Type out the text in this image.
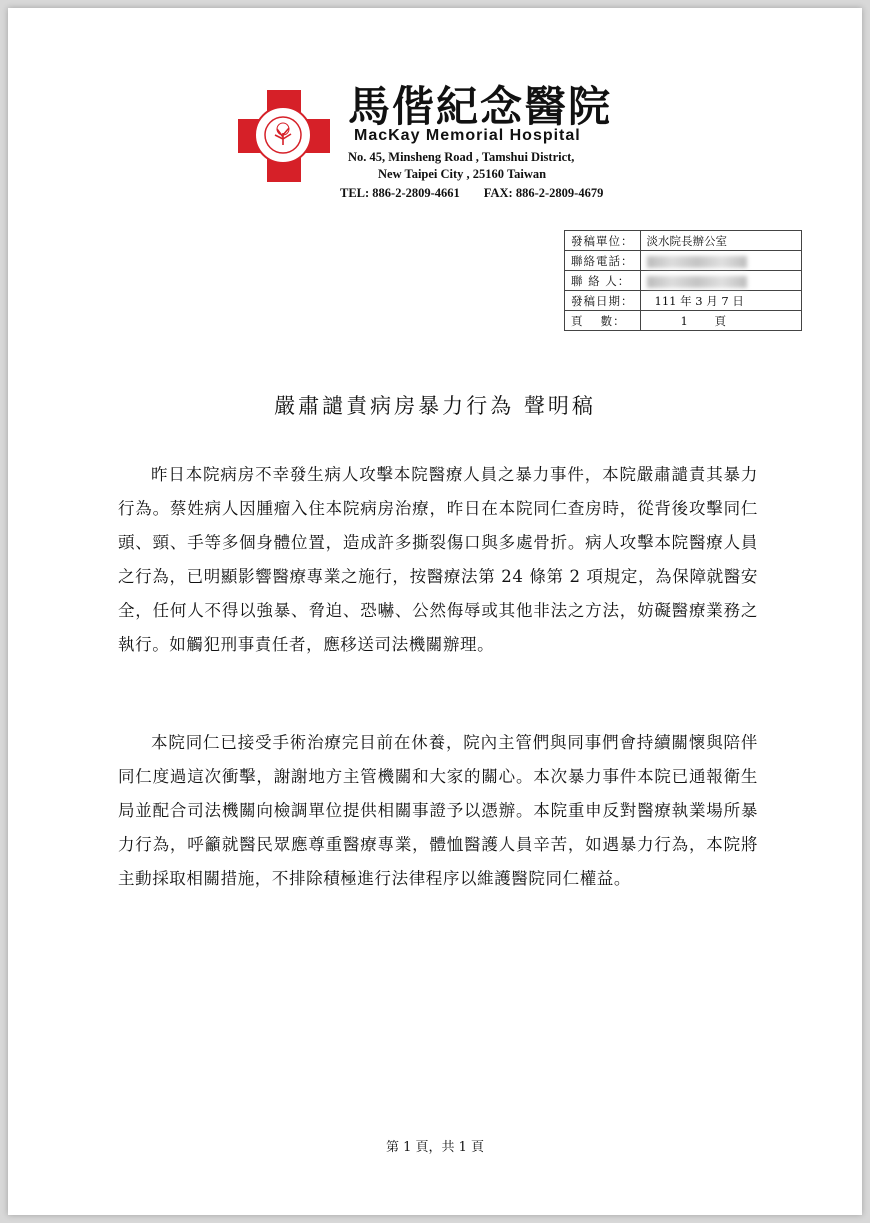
馬偕紀念醫院
MacKay Memorial Hospital
No. 45, Minsheng Road , Tamshui District,
New Taipei City , 25160 Taiwan
TEL: 886-2-2809-4661 FAX: 886-2-2809-4679
發稿單位：	淡水院長辦公室
聯絡電話：	
聯 絡 人：	
發稿日期：	111 年 3 月 7 日
頁　 數：	1　　 頁
嚴肅譴責病房暴力行為 聲明稿
昨日本院病房不幸發生病人攻擊本院醫療人員之暴力事件，本院嚴肅譴責其暴力行為。蔡姓病人因腫瘤入住本院病房治療，昨日在本院同仁查房時，從背後攻擊同仁頭、頸、手等多個身體位置，造成許多撕裂傷口與多處骨折。病人攻擊本院醫療人員之行為，已明顯影響醫療專業之施行，按醫療法第 24 條第 2 項規定，為保障就醫安全，任何人不得以強暴、脅迫、恐嚇、公然侮辱或其他非法之方法，妨礙醫療業務之執行。如觸犯刑事責任者，應移送司法機關辦理。
本院同仁已接受手術治療完目前在休養，院內主管們與同事們會持續關懷與陪伴同仁度過這次衝擊，謝謝地方主管機關和大家的關心。本次暴力事件本院已通報衛生局並配合司法機關向檢調單位提供相關事證予以憑辦。本院重申反對醫療執業場所暴力行為，呼籲就醫民眾應尊重醫療專業，體恤醫護人員辛苦，如遇暴力行為，本院將主動採取相關措施，不排除積極進行法律程序以維護醫院同仁權益。
第 1 頁，共 1 頁
